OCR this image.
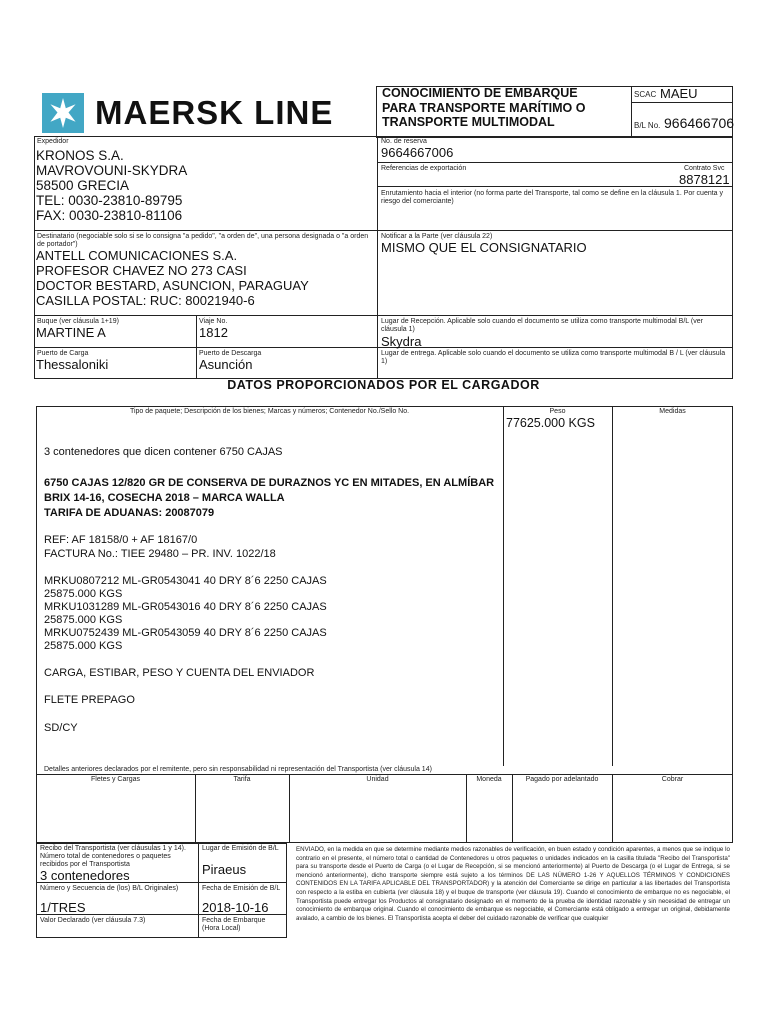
MAERSK LINE
CONOCIMIENTO DE EMBARQUE
PARA TRANSPORTE MARÍTIMO O
TRANSPORTE MULTIMODAL
SCAC MAEU
B/L No. 966466706
Expedidor
KRONOS S.A.
MAVROVOUNI-SKYDRA
58500 GRECIA
TEL: 0030-23810-89795
FAX: 0030-23810-81106
No. de reserva
9664667006
Referencias de exportación	Contrato Svc
8878121
Enrutamiento hacia el interior (no forma parte del Transporte, tal como se define en la cláusula 1. Por cuenta y riesgo del comerciante)
Destinatario (negociable solo si se lo consigna "a pedido", "a orden de", una persona designada o "a orden de portador")
ANTELL COMUNICACIONES S.A.
PROFESOR CHAVEZ NO 273 CASI
DOCTOR BESTARD, ASUNCION, PARAGUAY
CASILLA POSTAL: RUC: 80021940-6
Notificar a la Parte (ver cláusula 22)
MISMO QUE EL CONSIGNATARIO
Buque (ver cláusula 1+19)
MARTINE A
Viaje No.
1812
Lugar de Recepción. Aplicable solo cuando el documento se utiliza como transporte multimodal B/L (ver cláusula 1)
Skydra
Puerto de Carga
Thessaloniki
Puerto de Descarga
Asunción
Lugar de entrega. Aplicable solo cuando el documento se utiliza como transporte multimodal B / L (ver cláusula 1)
DATOS PROPORCIONADOS POR EL CARGADOR
Tipo de paquete; Descripción de los bienes; Marcas y números; Contenedor No./Sello No.	Peso	Medidas
77625.000 KGS
3 contenedores que dicen contener 6750 CAJAS
6750 CAJAS 12/820 GR DE CONSERVA DE DURAZNOS YC EN MITADES, EN ALMÍBAR
BRIX 14-16, COSECHA 2018 – MARCA WALLA
TARIFA DE ADUANAS: 20087079
REF: AF 18158/0 + AF 18167/0
FACTURA No.: TIEE 29480 – PR. INV. 1022/18
MRKU0807212 ML-GR0543041 40 DRY 8´6 2250 CAJAS
25875.000 KGS
MRKU1031289 ML-GR0543016 40 DRY 8´6 2250 CAJAS
25875.000 KGS
MRKU0752439 ML-GR0543059 40 DRY 8´6 2250 CAJAS
25875.000 KGS
CARGA, ESTIBAR, PESO Y CUENTA DEL ENVIADOR
FLETE PREPAGO
SD/CY
Detalles anteriores declarados por el remitente, pero sin responsabilidad ni representación del Transportista (ver cláusula 14)
Fletes y Cargas	Tarifa	Unidad	Moneda	Pagado por adelantado	Cobrar
Recibo del Transportista (ver cláusulas 1 y 14). Número total de contenedores o paquetes recibidos por el Transportista
3 contenedores
Lugar de Emisión de B/L
Piraeus
Número y Secuencia de (los) B/L Originales)
1/TRES
Fecha de Emisión de B/L
2018-10-16
Valor Declarado (ver cláusula 7.3)	Fecha de Embarque (Hora Local)
ENVIADO, en la medida en que se determine mediante medios razonables de verificación, en buen estado y condición aparentes, a menos que se indique lo contrario en el presente, el número total o cantidad de Contenedores u otros paquetes o unidades indicados en la casilla titulada "Recibo del Transportista" para su transporte desde el Puerto de Carga (o el Lugar de Recepción, si se mencionó anteriormente) al Puerto de Descarga (o el Lugar de Entrega, si se mencionó anteriormente), dicho transporte siempre está sujeto a los términos DE LAS NÚMERO 1-26 Y AQUELLOS TÉRMINOS Y CONDICIONES CONTENIDOS EN LA TARIFA APLICABLE DEL TRANSPORTADOR) y la atención del Comerciante se dirige en particular a las libertades del Transportista con respecto a la estiba en cubierta (ver cláusula 18) y el buque de transporte (ver cláusula 19). Cuando el conocimiento de embarque no es negociable, el Transportista puede entregar los Productos al consignatario designado en el momento de la prueba de identidad razonable y sin necesidad de entregar un conocimiento de embarque original. Cuando el conocimiento de embarque es negociable, el Comerciante está obligado a entregar un original, debidamente avalado, a cambio de los bienes. El Transportista acepta el deber del cuidado razonable de verificar que cualquier
